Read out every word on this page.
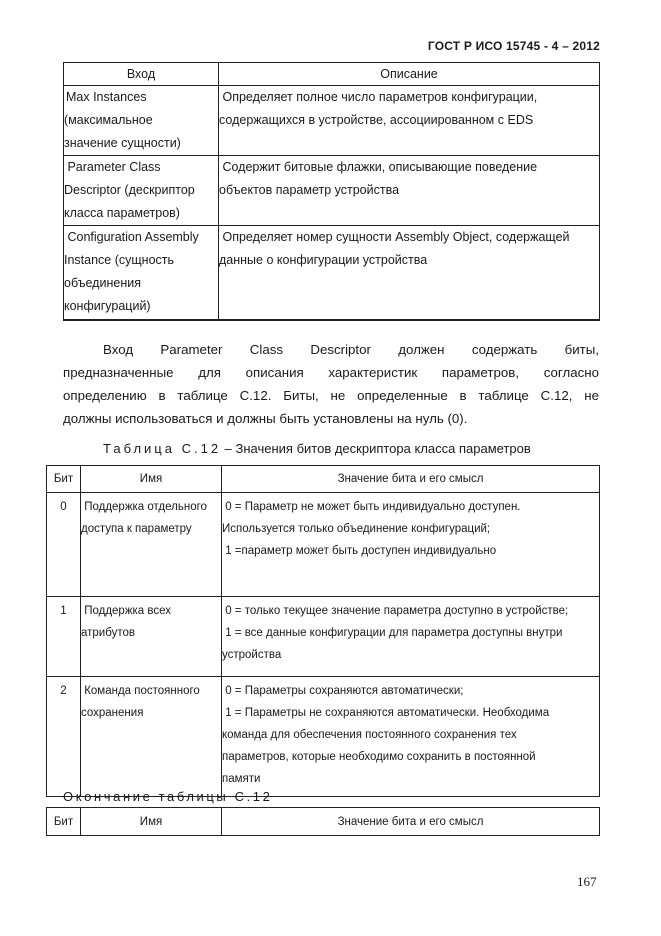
ГОСТ Р ИСО 15745 - 4 – 2012
Вход	Описание

Max Instances
(максимальное
значение сущности)	Определяет полное число параметров конфигурации,
содержащихся в устройстве, ассоциированном с EDS

Parameter Class
Descriptor (дескриптор
класса параметров)	Содержит битовые флажки, описывающие поведение
объектов параметр устройства

Configuration Assembly
Instance (сущность
объединения
конфигураций)	Определяет номер сущности Assembly Object, содержащей
данные о конфигурации устройства
Вход Parameter Class Descriptor должен содержать биты,
предназначенные для описания характеристик параметров, согласно
определению в таблице С.12. Биты, не определенные в таблице С.12, не
должны использоваться и должны быть установлены на нуль (0).
Таблица С.12 – Значения битов дескриптора класса параметров
Бит	Имя	Значение бита и его смысл
0	Поддержка отдельного
доступа к параметру	0 = Параметр не может быть индивидуально доступен.
Используется только объединение конфигураций;
1 =параметр может быть доступен индивидуально

1	Поддержка всех
атрибутов	0 = только текущее значение параметра доступно в устройстве;
1 = все данные конфигурации для параметра доступны внутри
устройства

2	Команда постоянного
сохранения	0 = Параметры сохраняются автоматически;
1 = Параметры не сохраняются автоматически. Необходима
команда для обеспечения постоянного сохранения тех
параметров, которые необходимо сохранить в постоянной
памяти
Окончание таблицы С.12
Бит	Имя	Значение бита и его смысл
167
